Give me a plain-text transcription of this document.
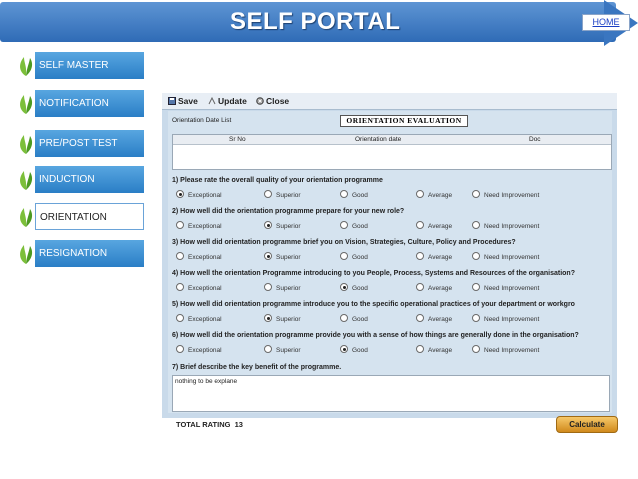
SELF PORTAL	HOME
SELF MASTER
NOTIFICATION
PRE/POST TEST
INDUCTION
ORIENTATION
RESIGNATION
Save	Update	Close
Orientation Date List	ORIENTATION EVALUATION
Sr No	Orientation date	Doc
1) Please rate the overall quality of your orientation programme
Exceptional	Superior	Good	Average	Need Improvement
2) How well did the orientation programme prepare for your new role?
Exceptional	Superior	Good	Average	Need Improvement
3) How well did orientation programme brief you on Vision, Strategies, Culture, Policy and Procedures?
Exceptional	Superior	Good	Average	Need Improvement
4) How well the orientation Programme introducing to you People, Process, Systems and Resources of the organisation?
Exceptional	Superior	Good	Average	Need Improvement
5) How well did orientation programme introduce you to the specific operational practices of your department or workgro
Exceptional	Superior	Good	Average	Need Improvement
6) How well did the orientation programme provide you with a sense of how things are generally done in the organisation?
Exceptional	Superior	Good	Average	Need Improvement
7) Brief describe the key benefit of the programme.
nothing to be explane
TOTAL RATING 13	Calculate
